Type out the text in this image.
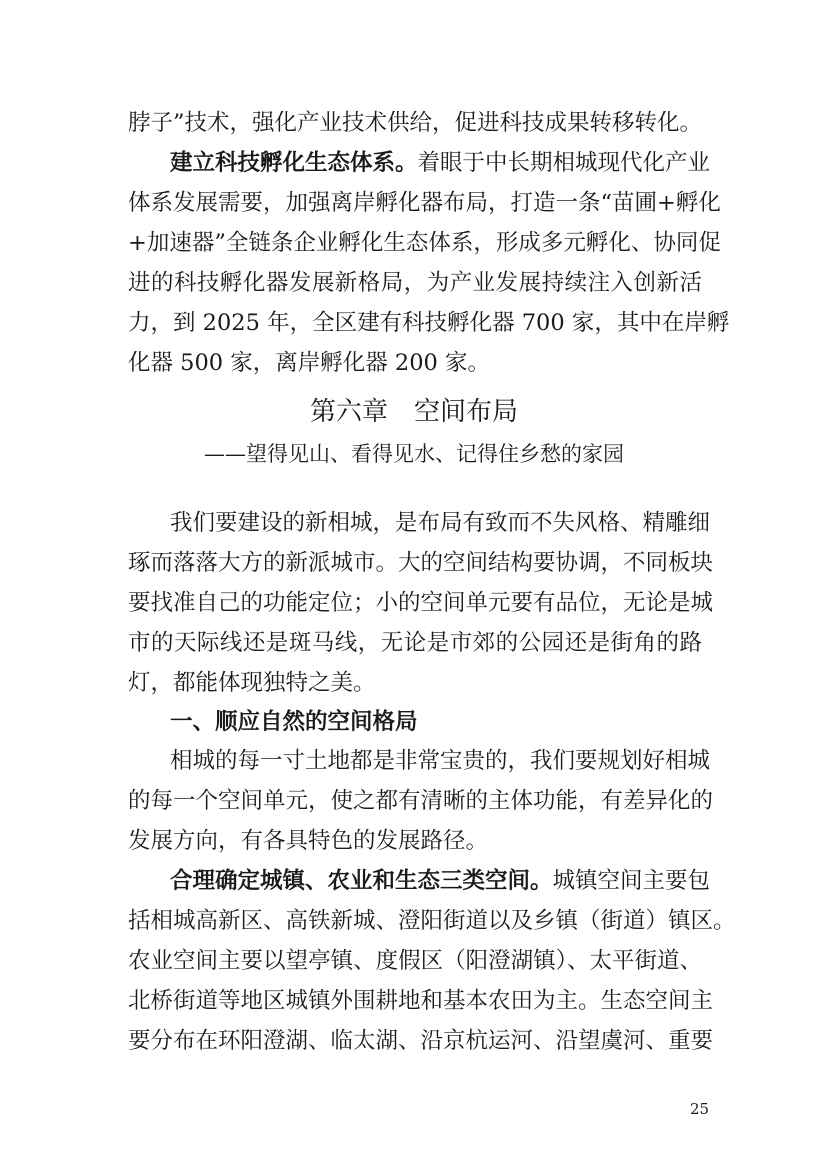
脖子”技术，强化产业技术供给，促进科技成果转移转化。
建立科技孵化生态体系。着眼于中长期相城现代化产业
体系发展需要，加强离岸孵化器布局，打造一条“苗圃+孵化
+加速器”全链条企业孵化生态体系，形成多元孵化、协同促
进的科技孵化器发展新格局，为产业发展持续注入创新活
力，到 2025 年，全区建有科技孵化器 700 家，其中在岸孵
化器 500 家，离岸孵化器 200 家。
第六章　空间布局
——望得见山、看得见水、记得住乡愁的家园
我们要建设的新相城，是布局有致而不失风格、精雕细
琢而落落大方的新派城市。大的空间结构要协调，不同板块
要找准自己的功能定位；小的空间单元要有品位，无论是城
市的天际线还是斑马线，无论是市郊的公园还是街角的路
灯，都能体现独特之美。
一、顺应自然的空间格局
相城的每一寸土地都是非常宝贵的，我们要规划好相城
的每一个空间单元，使之都有清晰的主体功能，有差异化的
发展方向，有各具特色的发展路径。
合理确定城镇、农业和生态三类空间。城镇空间主要包
括相城高新区、高铁新城、澄阳街道以及乡镇（街道）镇区。
农业空间主要以望亭镇、度假区（阳澄湖镇）、太平街道、
北桥街道等地区城镇外围耕地和基本农田为主。生态空间主
要分布在环阳澄湖、临太湖、沿京杭运河、沿望虞河、重要
25
